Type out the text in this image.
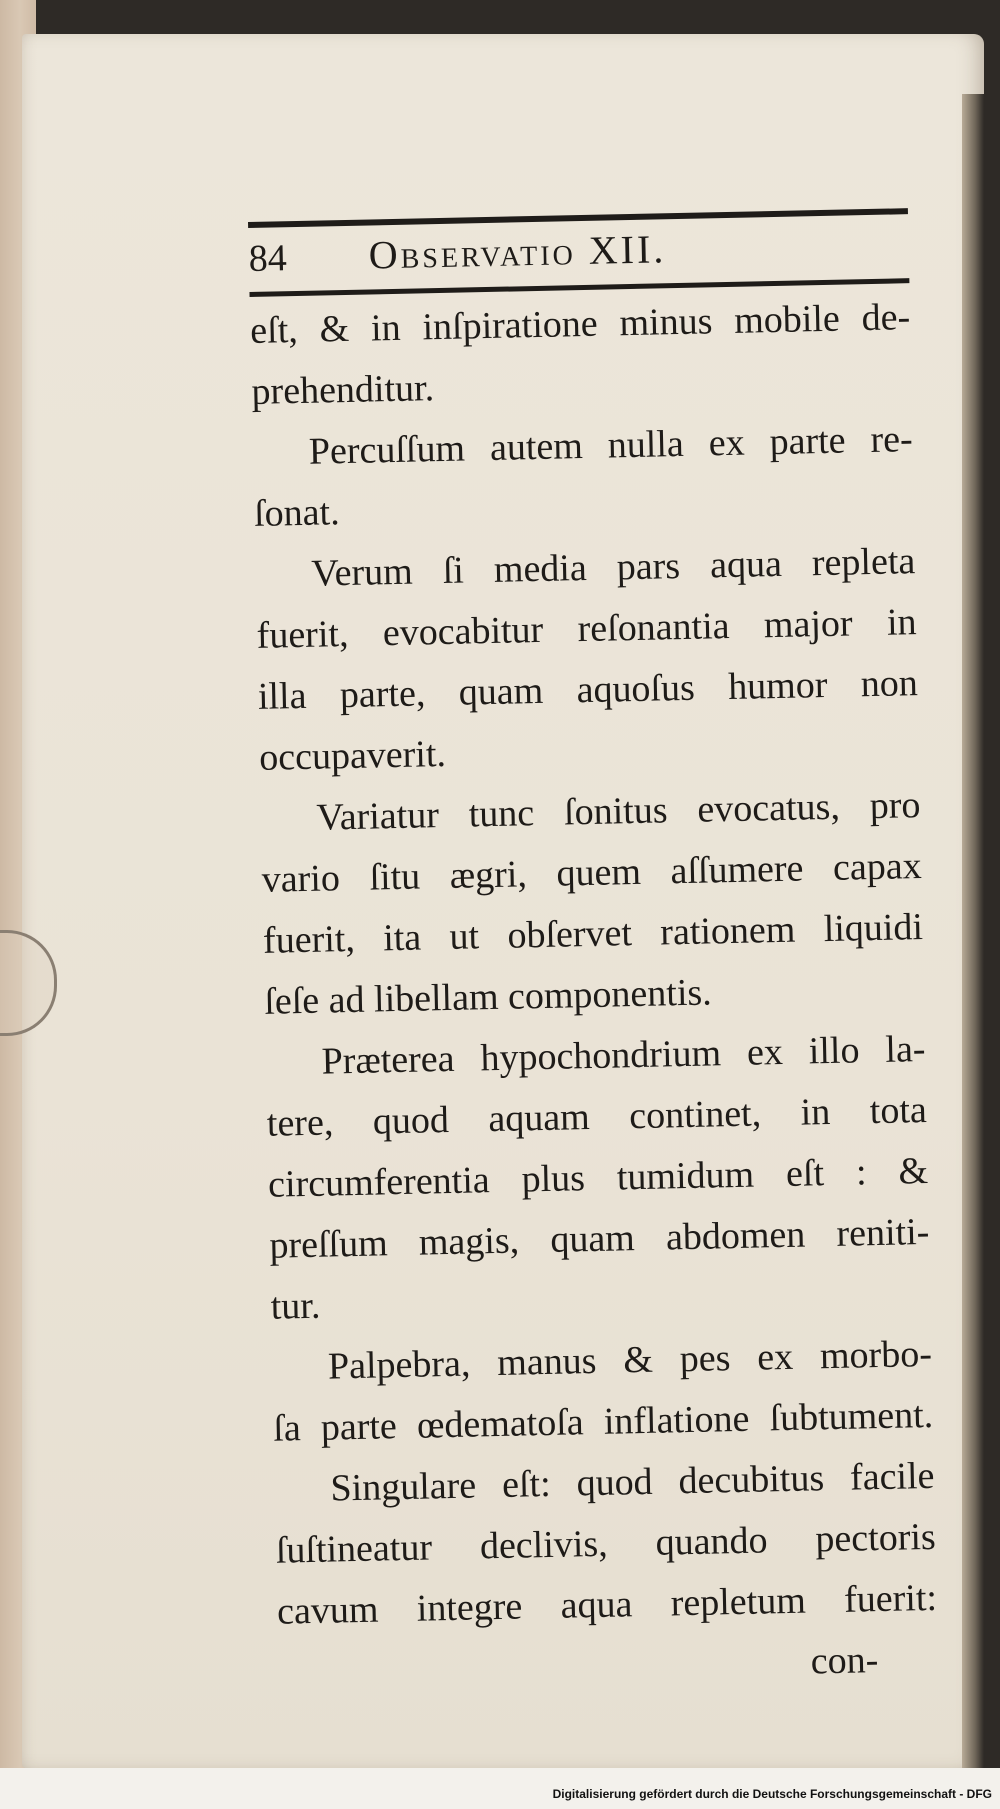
84	Observatio XII.
eſt, & in inſpiratione minus mobile de-
prehenditur.
Percuſſum autem nulla ex parte re-
ſonat.
Verum ſi media pars aqua repleta
fuerit, evocabitur reſonantia major in
illa parte, quam aquoſus humor non
occupaverit.
Variatur tunc ſonitus evocatus, pro
vario ſitu ægri, quem aſſumere capax
fuerit, ita ut obſervet rationem liquidi
ſeſe ad libellam componentis.
Præterea hypochondrium ex illo la-
tere, quod aquam continet, in tota
circumferentia plus tumidum eſt : &
preſſum magis, quam abdomen reniti-
tur.
Palpebra, manus & pes ex morbo-
ſa parte œdematoſa inflatione ſubtument.
Singulare eſt: quod decubitus facile
ſuſtineatur declivis, quando pectoris
cavum integre aqua repletum fuerit:
con-
Digitalisierung gefördert durch die Deutsche Forschungsgemeinschaft - DFG
